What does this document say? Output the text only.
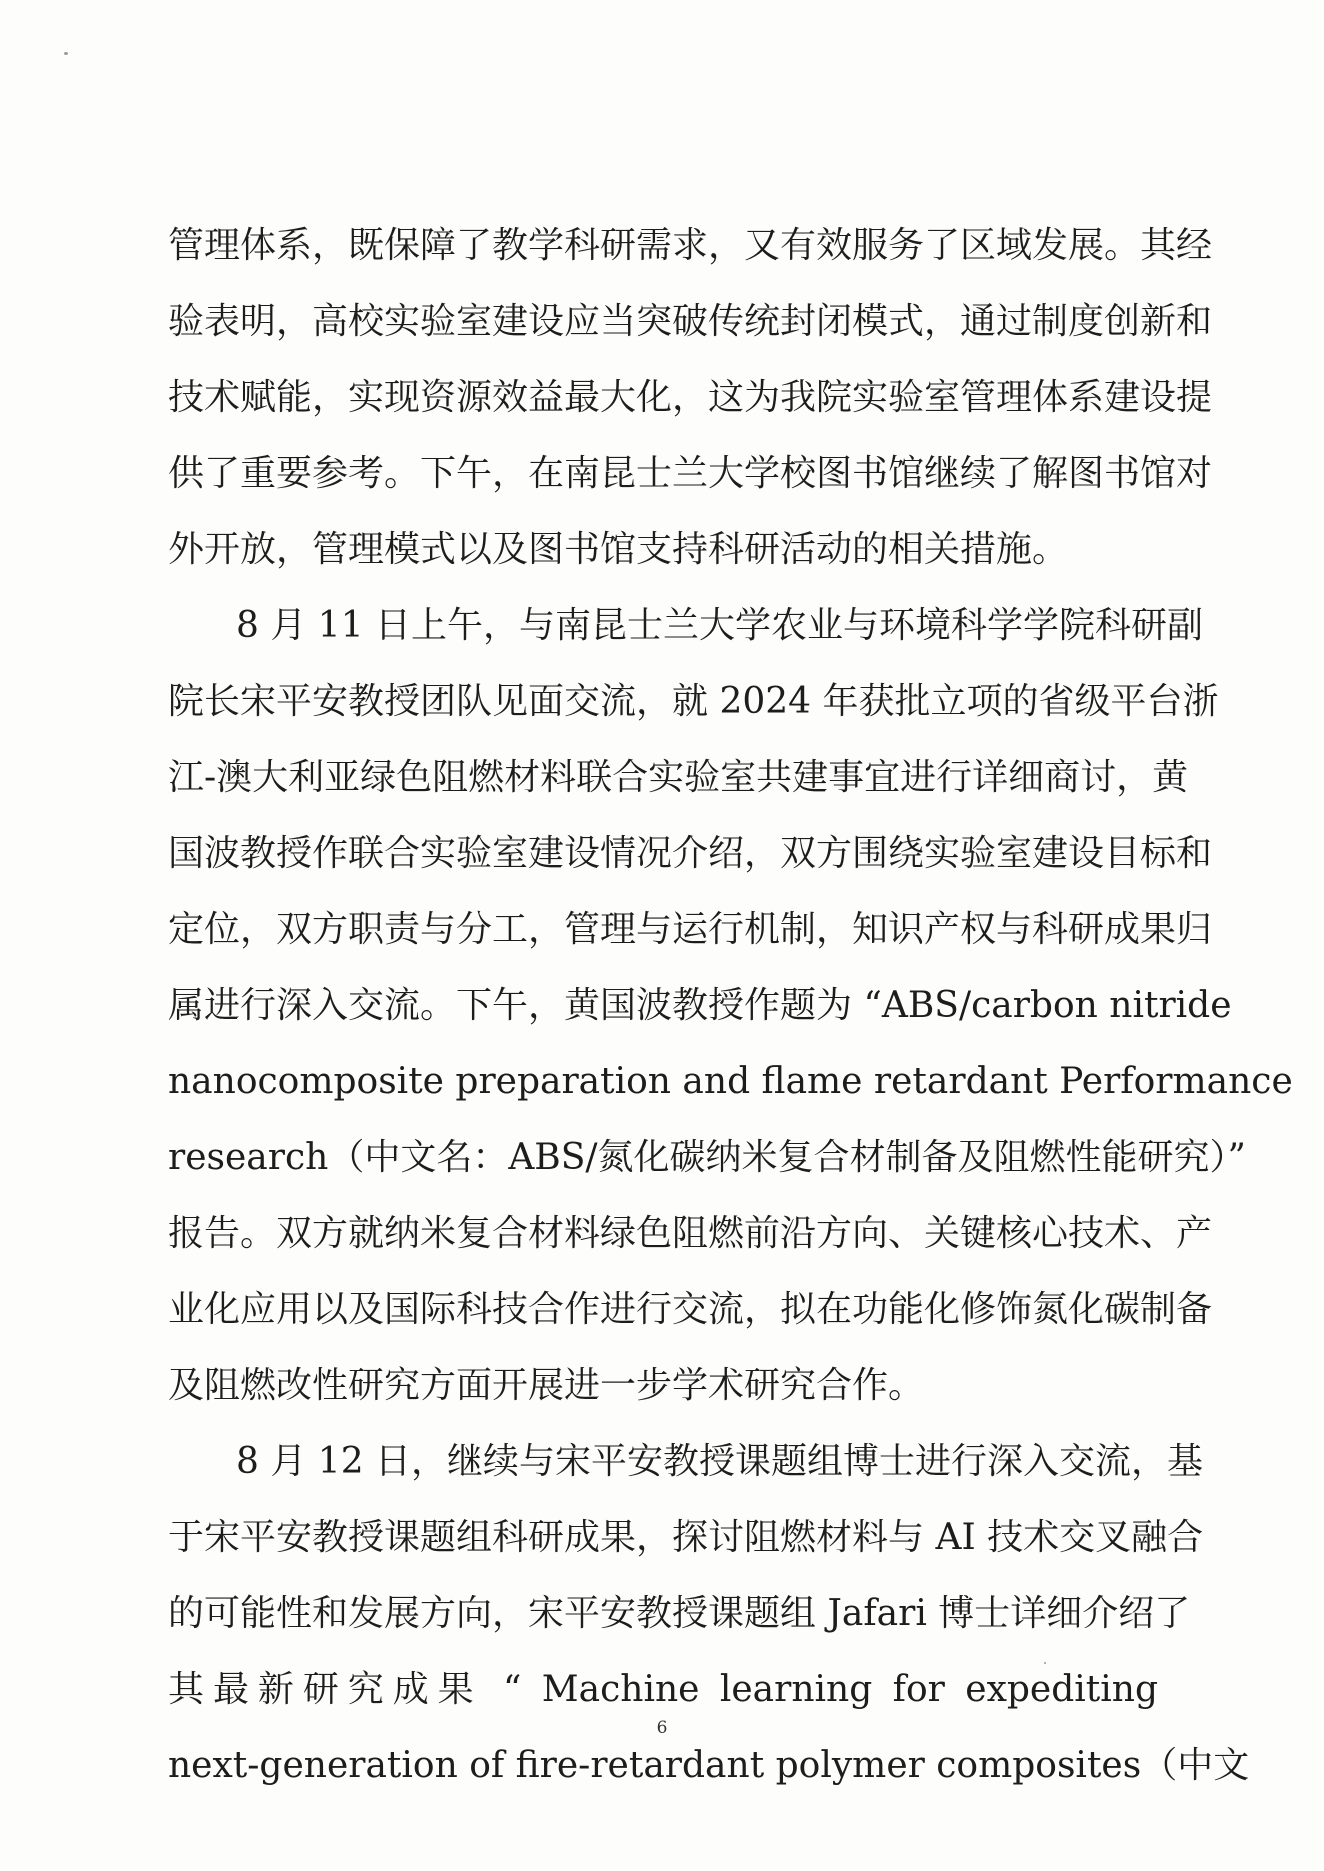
管理体系，既保障了教学科研需求，又有效服务了区域发展。其经
验表明，高校实验室建设应当突破传统封闭模式，通过制度创新和
技术赋能，实现资源效益最大化，这为我院实验室管理体系建设提
供了重要参考。下午，在南昆士兰大学校图书馆继续了解图书馆对
外开放，管理模式以及图书馆支持科研活动的相关措施。
8 月 11 日上午，与南昆士兰大学农业与环境科学学院科研副
院长宋平安教授团队见面交流，就 2024 年获批立项的省级平台浙
江-澳大利亚绿色阻燃材料联合实验室共建事宜进行详细商讨，黄
国波教授作联合实验室建设情况介绍，双方围绕实验室建设目标和
定位，双方职责与分工，管理与运行机制，知识产权与科研成果归
属进行深入交流。下午，黄国波教授作题为 “ABS/carbon nitride
nanocomposite preparation and flame retardant Performance
research（中文名：ABS/氮化碳纳米复合材制备及阻燃性能研究）”
报告。双方就纳米复合材料绿色阻燃前沿方向、关键核心技术、产
业化应用以及国际科技合作进行交流，拟在功能化修饰氮化碳制备
及阻燃改性研究方面开展进一步学术研究合作。
8 月 12 日，继续与宋平安教授课题组博士进行深入交流，基
于宋平安教授课题组科研成果，探讨阻燃材料与 AI 技术交叉融合
的可能性和发展方向，宋平安教授课题组 Jafari 博士详细介绍了
其最新研究成果 “ Machine learning for expediting
next-generation of fire-retardant polymer composites（中文
6
